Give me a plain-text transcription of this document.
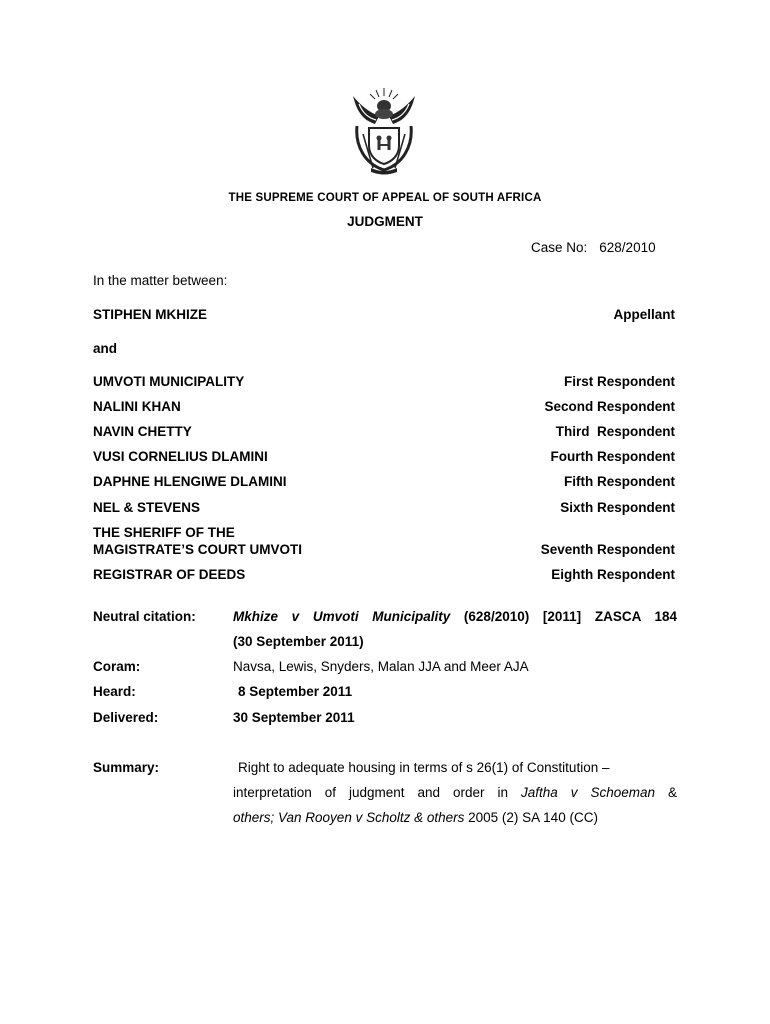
THE SUPREME COURT OF APPEAL OF SOUTH AFRICA
JUDGMENT
Case No: 628/2010
In the matter between:
STIPHEN MKHIZE	Appellant
and
UMVOTI MUNICIPALITY	First Respondent
NALINI KHAN	Second Respondent
NAVIN CHETTY	Third  Respondent
VUSI CORNELIUS DLAMINI	Fourth Respondent
DAPHNE HLENGIWE DLAMINI	Fifth Respondent
NEL & STEVENS	Sixth Respondent
THE SHERIFF OF THE
MAGISTRATE’S COURT UMVOTI	Seventh Respondent
REGISTRAR OF DEEDS	Eighth Respondent
Neutral citation:	Mkhize v Umvoti Municipality (628/2010) [2011] ZASCA 184
(30 September 2011)
Coram:	Navsa, Lewis, Snyders, Malan JJA and Meer AJA
Heard:	8 September 2011
Delivered:	30 September 2011
Summary:	Right to adequate housing in terms of s 26(1) of Constitution –
interpretation of judgment and order in Jaftha v Schoeman &
others; Van Rooyen v Scholtz & others 2005 (2) SA 140 (CC)
